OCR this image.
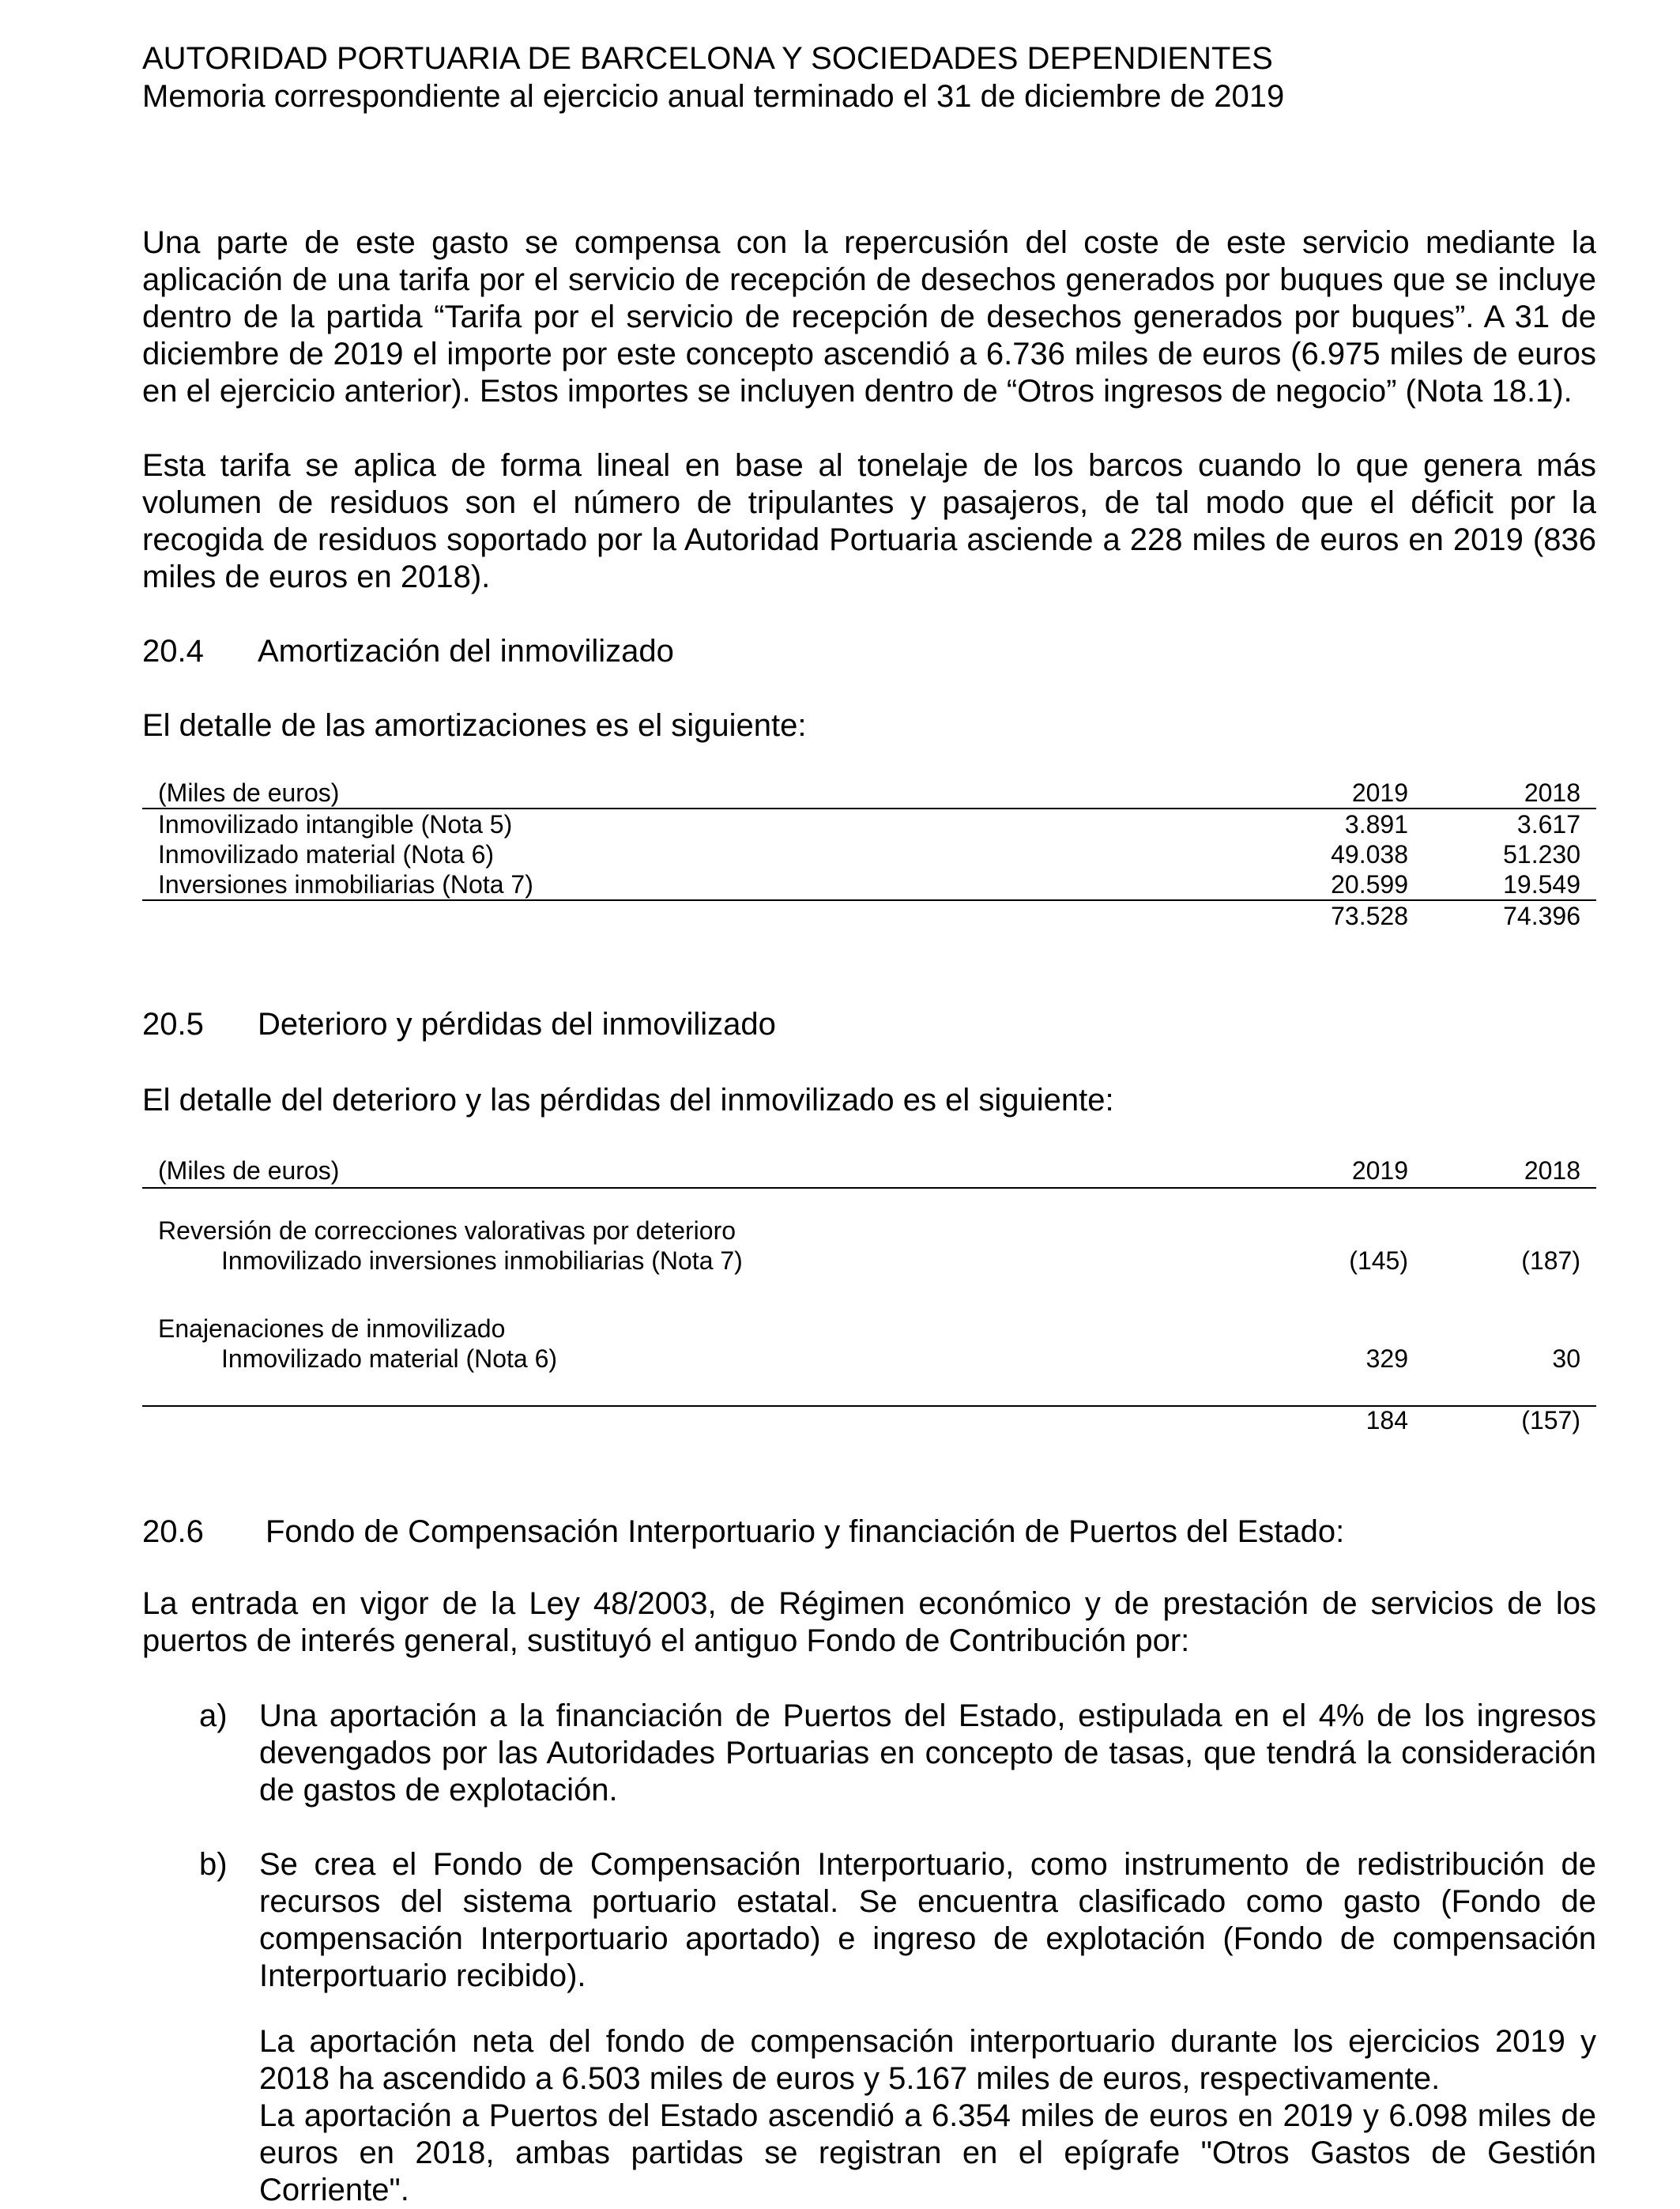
AUTORIDAD PORTUARIA DE BARCELONA Y SOCIEDADES DEPENDIENTES
Memoria correspondiente al ejercicio anual terminado el 31 de diciembre de 2019

Una parte de este gasto se compensa con la repercusión del coste de este servicio mediante la aplicación de una tarifa por el servicio de recepción de desechos generados por buques que se incluye dentro de la partida “Tarifa por el servicio de recepción de desechos generados por buques”. A 31 de diciembre de 2019 el importe por este concepto ascendió a 6.736 miles de euros (6.975 miles de euros en el ejercicio anterior). Estos importes se incluyen dentro de “Otros ingresos de negocio” (Nota 18.1).

Esta tarifa se aplica de forma lineal en base al tonelaje de los barcos cuando lo que genera más volumen de residuos son el número de tripulantes y pasajeros, de tal modo que el déficit por la recogida de residuos soportado por la Autoridad Portuaria asciende a 228 miles de euros en 2019 (836 miles de euros en 2018).

20.4 Amortización del inmovilizado
El detalle de las amortizaciones es el siguiente:
(Miles de euros)	2019	2018
Inmovilizado intangible (Nota 5)	3.891	3.617
Inmovilizado material (Nota 6)	49.038	51.230
Inversiones inmobiliarias (Nota 7)	20.599	19.549
73.528	74.396
20.5 Deterioro y pérdidas del inmovilizado
El detalle del deterioro y las pérdidas del inmovilizado es el siguiente:
(Miles de euros)	2019	2018
Reversión de correcciones valorativas por deterioro
Inmovilizado inversiones inmobiliarias (Nota 7)	(145)	(187)
Enajenaciones de inmovilizado
Inmovilizado material (Nota 6)	329	30
184	(157)
20.6 Fondo de Compensación Interportuario y financiación de Puertos del Estado:

La entrada en vigor de la Ley 48/2003, de Régimen económico y de prestación de servicios de los puertos de interés general, sustituyó el antiguo Fondo de Contribución por:

a) Una aportación a la financiación de Puertos del Estado, estipulada en el 4% de los ingresos devengados por las Autoridades Portuarias en concepto de tasas, que tendrá la consideración de gastos de explotación.

b) Se crea el Fondo de Compensación Interportuario, como instrumento de redistribución de recursos del sistema portuario estatal. Se encuentra clasificado como gasto (Fondo de compensación Interportuario aportado) e ingreso de explotación (Fondo de compensación Interportuario recibido).

La aportación neta del fondo de compensación interportuario durante los ejercicios 2019 y 2018 ha ascendido a 6.503 miles de euros y 5.167 miles de euros, respectivamente.

La aportación a Puertos del Estado ascendió a 6.354 miles de euros en 2019 y 6.098 miles de euros en 2018, ambas partidas se registran en el epígrafe "Otros Gastos de Gestión Corriente".
